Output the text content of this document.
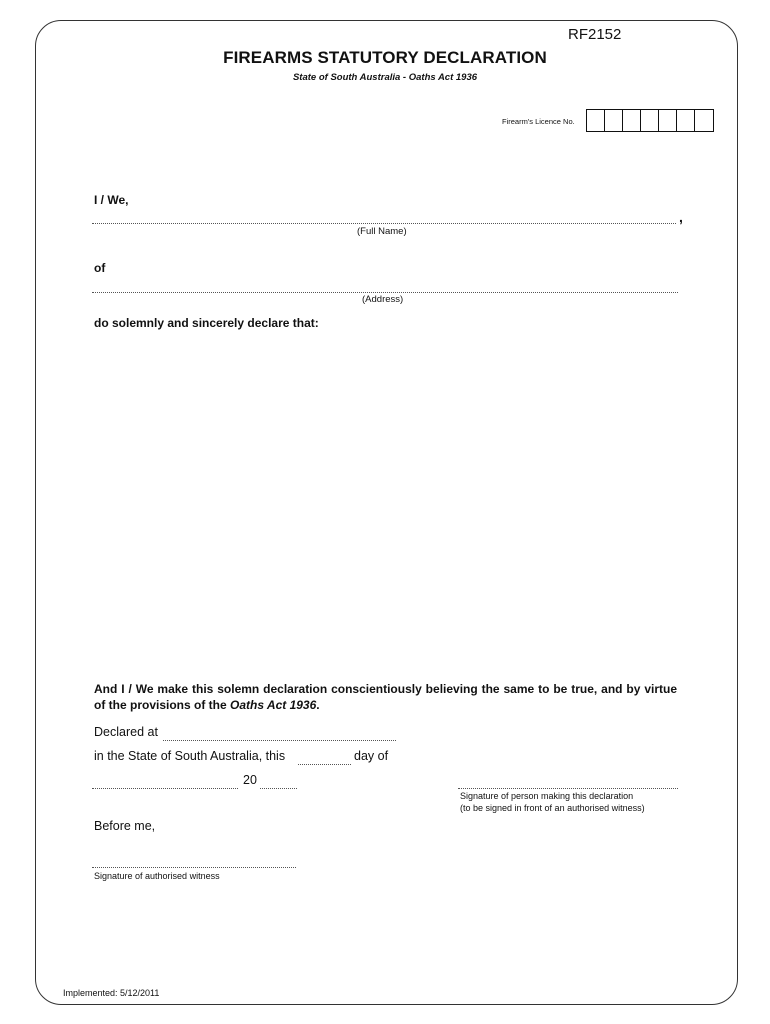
RF2152
FIREARMS STATUTORY DECLARATION
State of South Australia - Oaths Act 1936
Firearm's Licence No.
I / We,
,
(Full Name)
of
(Address)
do solemnly and sincerely declare that:
And I / We make this solemn declaration conscientiously believing the same to be true, and by virtue of the provisions of the Oaths Act 1936.
Declared at
in the State of South Australia, this	day of
20
Signature of person making this declaration
(to be signed in front of an authorised witness)
Before me,
Signature of authorised witness
Implemented: 5/12/2011
